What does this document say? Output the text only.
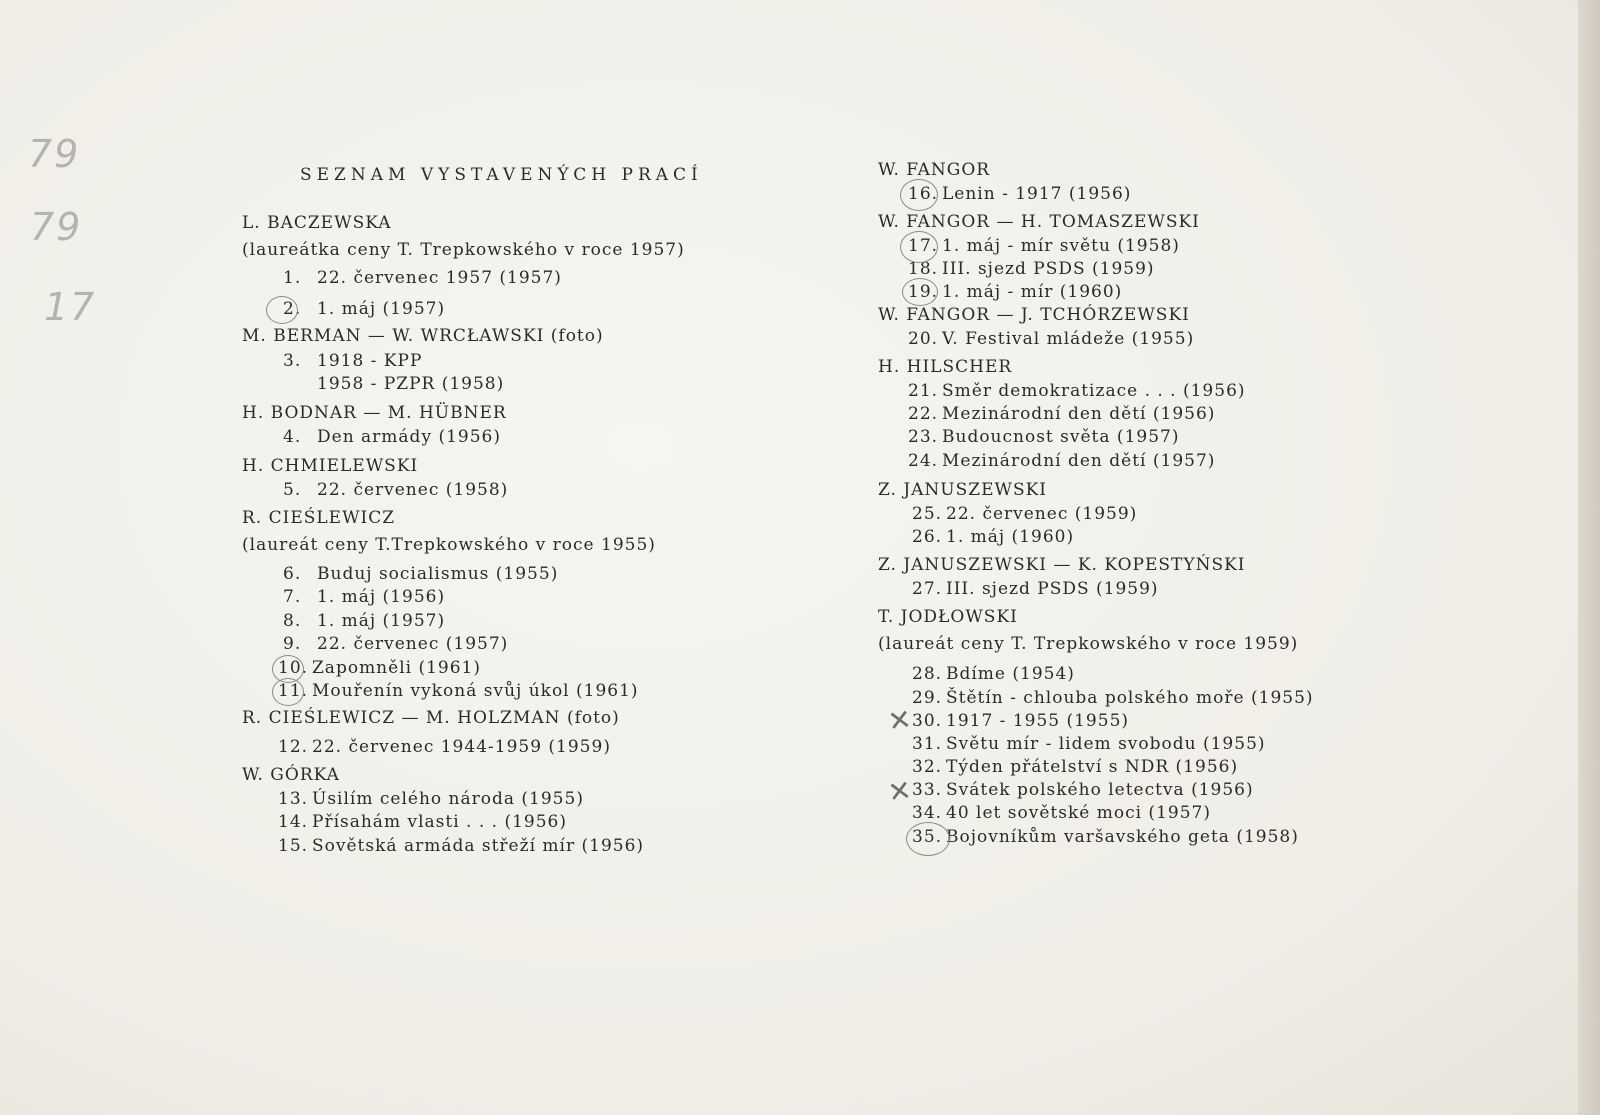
79
79
17
SEZNAM VYSTAVENÝCH PRACÍ
L. BACZEWSKA
(laureátka ceny T. Trepkowského v roce 1957)
1. 22. červenec 1957 (1957)
2. 1. máj (1957)
M. BERMAN — W. WRCŁAWSKI (foto)
3. 1918 - KPP
1958 - PZPR (1958)
H. BODNAR — M. HÜBNER
4. Den armády (1956)
H. CHMIELEWSKI
5. 22. červenec (1958)
R. CIEŚLEWICZ
(laureát ceny T.Trepkowského v roce 1955)
6. Buduj socialismus (1955)
7. 1. máj (1956)
8. 1. máj (1957)
9. 22. červenec (1957)
10. Zapomněli (1961)
11. Mouřenín vykoná svůj úkol (1961)
R. CIEŚLEWICZ — M. HOLZMAN (foto)
12. 22. červenec 1944-1959 (1959)
W. GÓRKA
13. Úsilím celého národa (1955)
14. Přísahám vlasti . . . (1956)
15. Sovětská armáda střeží mír (1956)
W. FANGOR
16. Lenin - 1917 (1956)
W. FANGOR — H. TOMASZEWSKI
17. 1. máj - mír světu (1958)
18. III. sjezd PSDS (1959)
19. 1. máj - mír (1960)
W. FANGOR — J. TCHÓRZEWSKI
20. V. Festival mládeže (1955)
H. HILSCHER
21. Směr demokratizace . . . (1956)
22. Mezinárodní den dětí (1956)
23. Budoucnost světa (1957)
24. Mezinárodní den dětí (1957)
Z. JANUSZEWSKI
25. 22. červenec (1959)
26. 1. máj (1960)
Z. JANUSZEWSKI — K. KOPESTYŃSKI
27. III. sjezd PSDS (1959)
T. JODŁOWSKI
(laureát ceny T. Trepkowského v roce 1959)
28. Bdíme (1954)
29. Štětín - chlouba polského moře (1955)
30. 1917 - 1955 (1955)
31. Světu mír - lidem svobodu (1955)
32. Týden přátelství s NDR (1956)
33. Svátek polského letectva (1956)
34. 40 let sovětské moci (1957)
35. Bojovníkům varšavského geta (1958)
✕
✕
